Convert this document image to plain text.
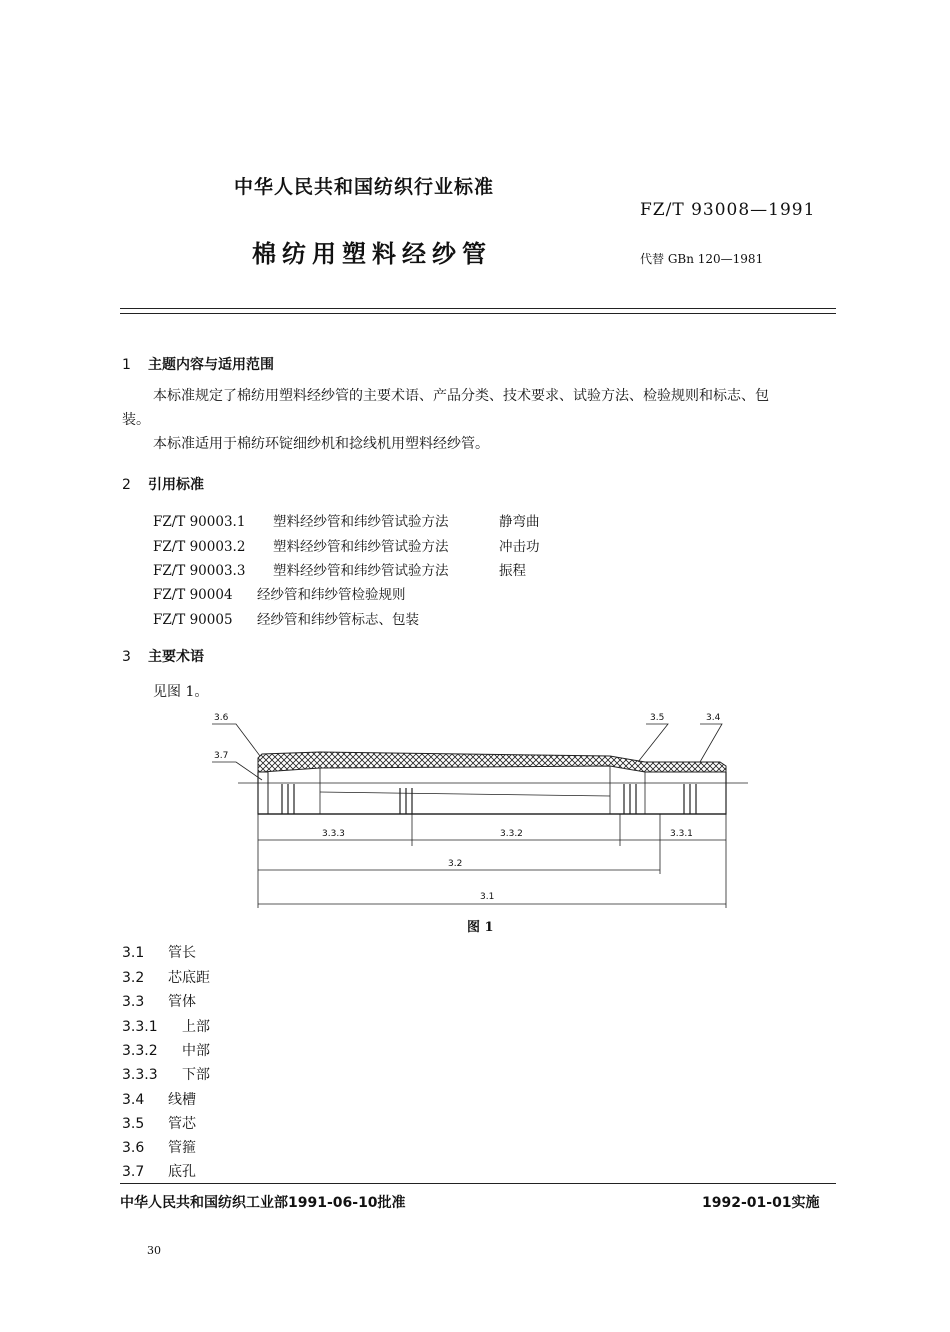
中华人民共和国纺织行业标准
FZ/T 93008—1991
棉纺用塑料经纱管	代替 GBn 120—1981
1 主题内容与适用范围
本标准规定了棉纺用塑料经纱管的主要术语、产品分类、技术要求、试验方法、检验规则和标志、包
装。
本标准适用于棉纺环锭细纱机和捻线机用塑料经纱管。
2 引用标准
FZ/T 90003.1 塑料经纱管和纬纱管试验方法	静弯曲
FZ/T 90003.2 塑料经纱管和纬纱管试验方法	冲击功
FZ/T 90003.3 塑料经纱管和纬纱管试验方法	振程
FZ/T 90004 经纱管和纬纱管检验规则
FZ/T 90005 经纱管和纬纱管标志、包装
3 主要术语
见图 1。
3.6
3.7
3.5	3.4
3.3.3	3.3.2	3.3.1
3.2
3.1
图 1
3.1 管长
3.2 芯底距
3.3 管体
3.3.1 上部
3.3.2 中部
3.3.3 下部
3.4 线槽
3.5 管芯
3.6 管箍
3.7 底孔
中华人民共和国纺织工业部1991-06-10批准	1992-01-01实施
30
